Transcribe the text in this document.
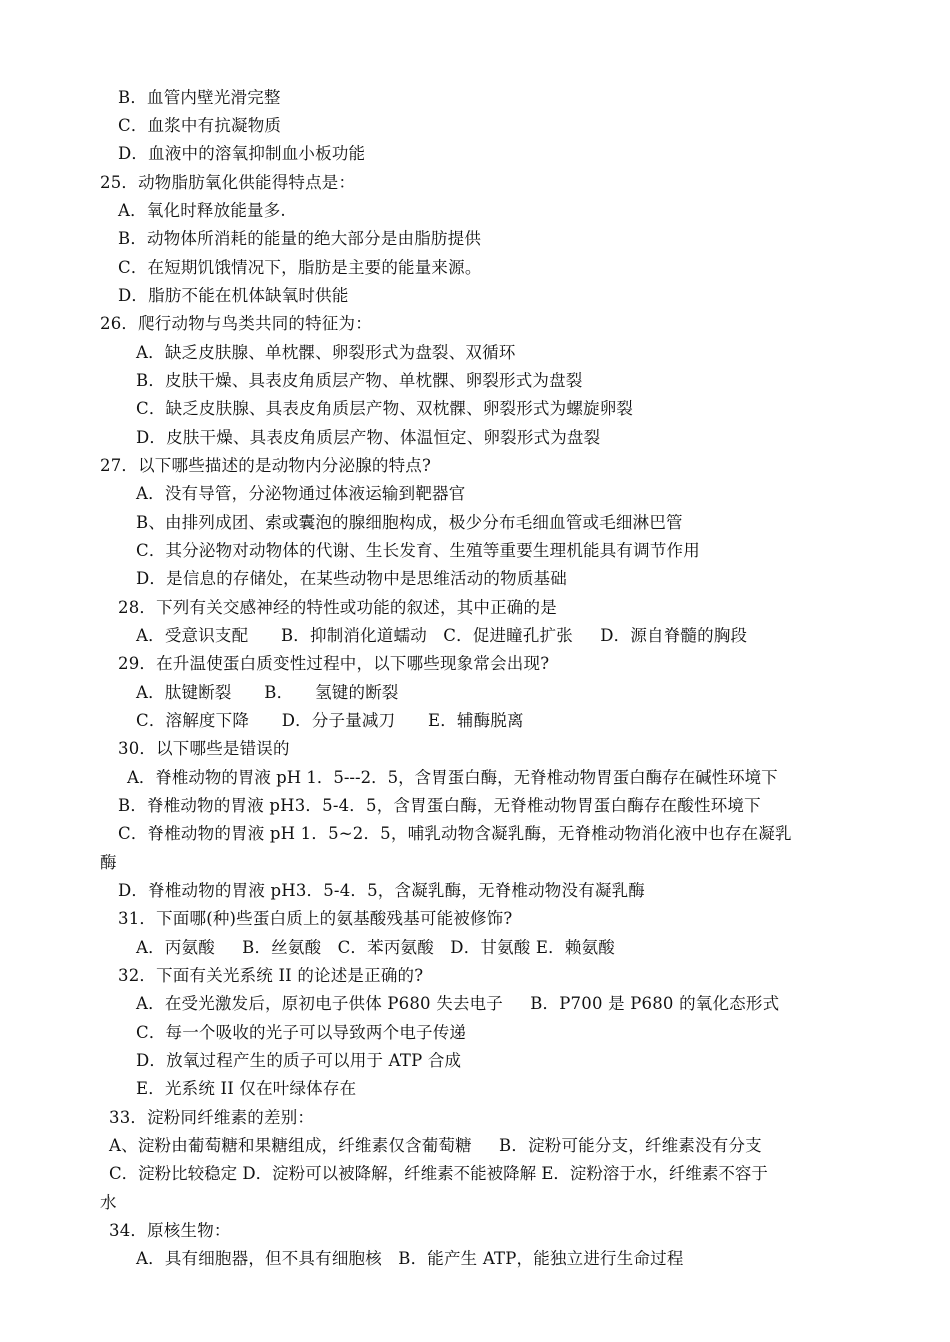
B．血管内壁光滑完整
C．血浆中有抗凝物质
D．血液中的溶氧抑制血小板功能
25．动物脂肪氧化供能得特点是：
A．氧化时释放能量多.
B．动物体所消耗的能量的绝大部分是由脂肪提供
C．在短期饥饿情况下，脂肪是主要的能量来源。
D．脂肪不能在机体缺氧时供能
26．爬行动物与鸟类共同的特征为：
A．缺乏皮肤腺、单枕髁、卵裂形式为盘裂、双循环
B．皮肤干燥、具表皮角质层产物、单枕髁、卵裂形式为盘裂
C．缺乏皮肤腺、具表皮角质层产物、双枕髁、卵裂形式为螺旋卵裂
D．皮肤干燥、具表皮角质层产物、体温恒定、卵裂形式为盘裂
27．以下哪些描述的是动物内分泌腺的特点?
A．没有导管，分泌物通过体液运输到靶器官
B、由排列成团、索或囊泡的腺细胞构成，极少分布毛细血管或毛细淋巴管
C．其分泌物对动物体的代谢、生长发育、生殖等重要生理机能具有调节作用
D．是信息的存储处，在某些动物中是思维活动的物质基础
28．下列有关交感神经的特性或功能的叙述，其中正确的是
A．受意识支配      B．抑制消化道蠕动   C．促进瞳孔扩张     D．源自脊髓的胸段
29．在升温使蛋白质变性过程中，以下哪些现象常会出现?
A．肽键断裂      B．    氢键的断裂
C．溶解度下降      D．分子量减刀      E．辅酶脱离
30．以下哪些是错误的
A．脊椎动物的胃液 pH 1．5---2．5，含胃蛋白酶，无脊椎动物胃蛋白酶存在碱性环境下
B．脊椎动物的胃液 pH3．5-4．5，含胃蛋白酶，无脊椎动物胃蛋白酶存在酸性环境下
C．脊椎动物的胃液 pH 1．5~2．5，哺乳动物含凝乳酶，无脊椎动物消化液中也存在凝乳
酶
D．脊椎动物的胃液 pH3．5-4．5，含凝乳酶，无脊椎动物没有凝乳酶
31．下面哪(种)些蛋白质上的氨基酸残基可能被修饰?
A．丙氨酸     B．丝氨酸   C．苯丙氨酸   D．甘氨酸 E．赖氨酸
32．下面有关光系统 II 的论述是正确的?
A．在受光激发后，原初电子供体 P680 失去电子     B．P700 是 P680 的氧化态形式
C．每一个吸收的光子可以导致两个电子传递
D．放氧过程产生的质子可以用于 ATP 合成
E．光系统 II 仅在叶绿体存在
33．淀粉同纤维素的差别：
A、淀粉由葡萄糖和果糖组成，纤维素仅含葡萄糖     B．淀粉可能分支，纤维素没有分支
C．淀粉比较稳定 D．淀粉可以被降解，纤维素不能被降解 E．淀粉溶于水，纤维素不容于
水
34．原核生物：
A．具有细胞器，但不具有细胞核   B．能产生 ATP，能独立进行生命过程
